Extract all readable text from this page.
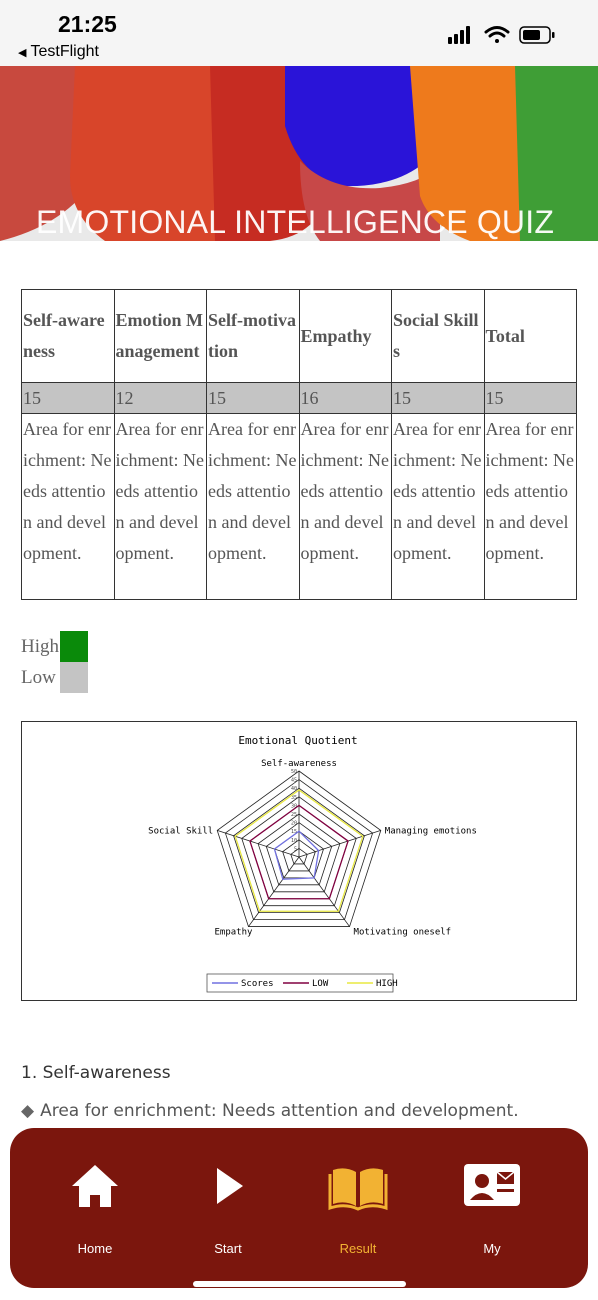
21:25
◀ TestFlight
EMOTIONAL INTELLIGENCE QUIZ
Self-awareness	Emotion Management	Self-motivation	Empathy	Social Skills	Total
15	12	15	16	15	15
Area for enrichment: Needs attention and development.	Area for enrichment: Needs attention and development.	Area for enrichment: Needs attention and development.	Area for enrichment: Needs attention and development.	Area for enrichment: Needs attention and development.	Area for enrichment: Needs attention and development.
High
Low
Emotional Quotient
5
10
15
20
25
30
35
40
45
50
Self-awareness
Managing emotions
Motivating oneself
Empathy
Social Skill
Scores	LOW	HIGH
1. Self-awareness
◆ Area for enrichment: Needs attention and development.
Home	Start	Result	My
